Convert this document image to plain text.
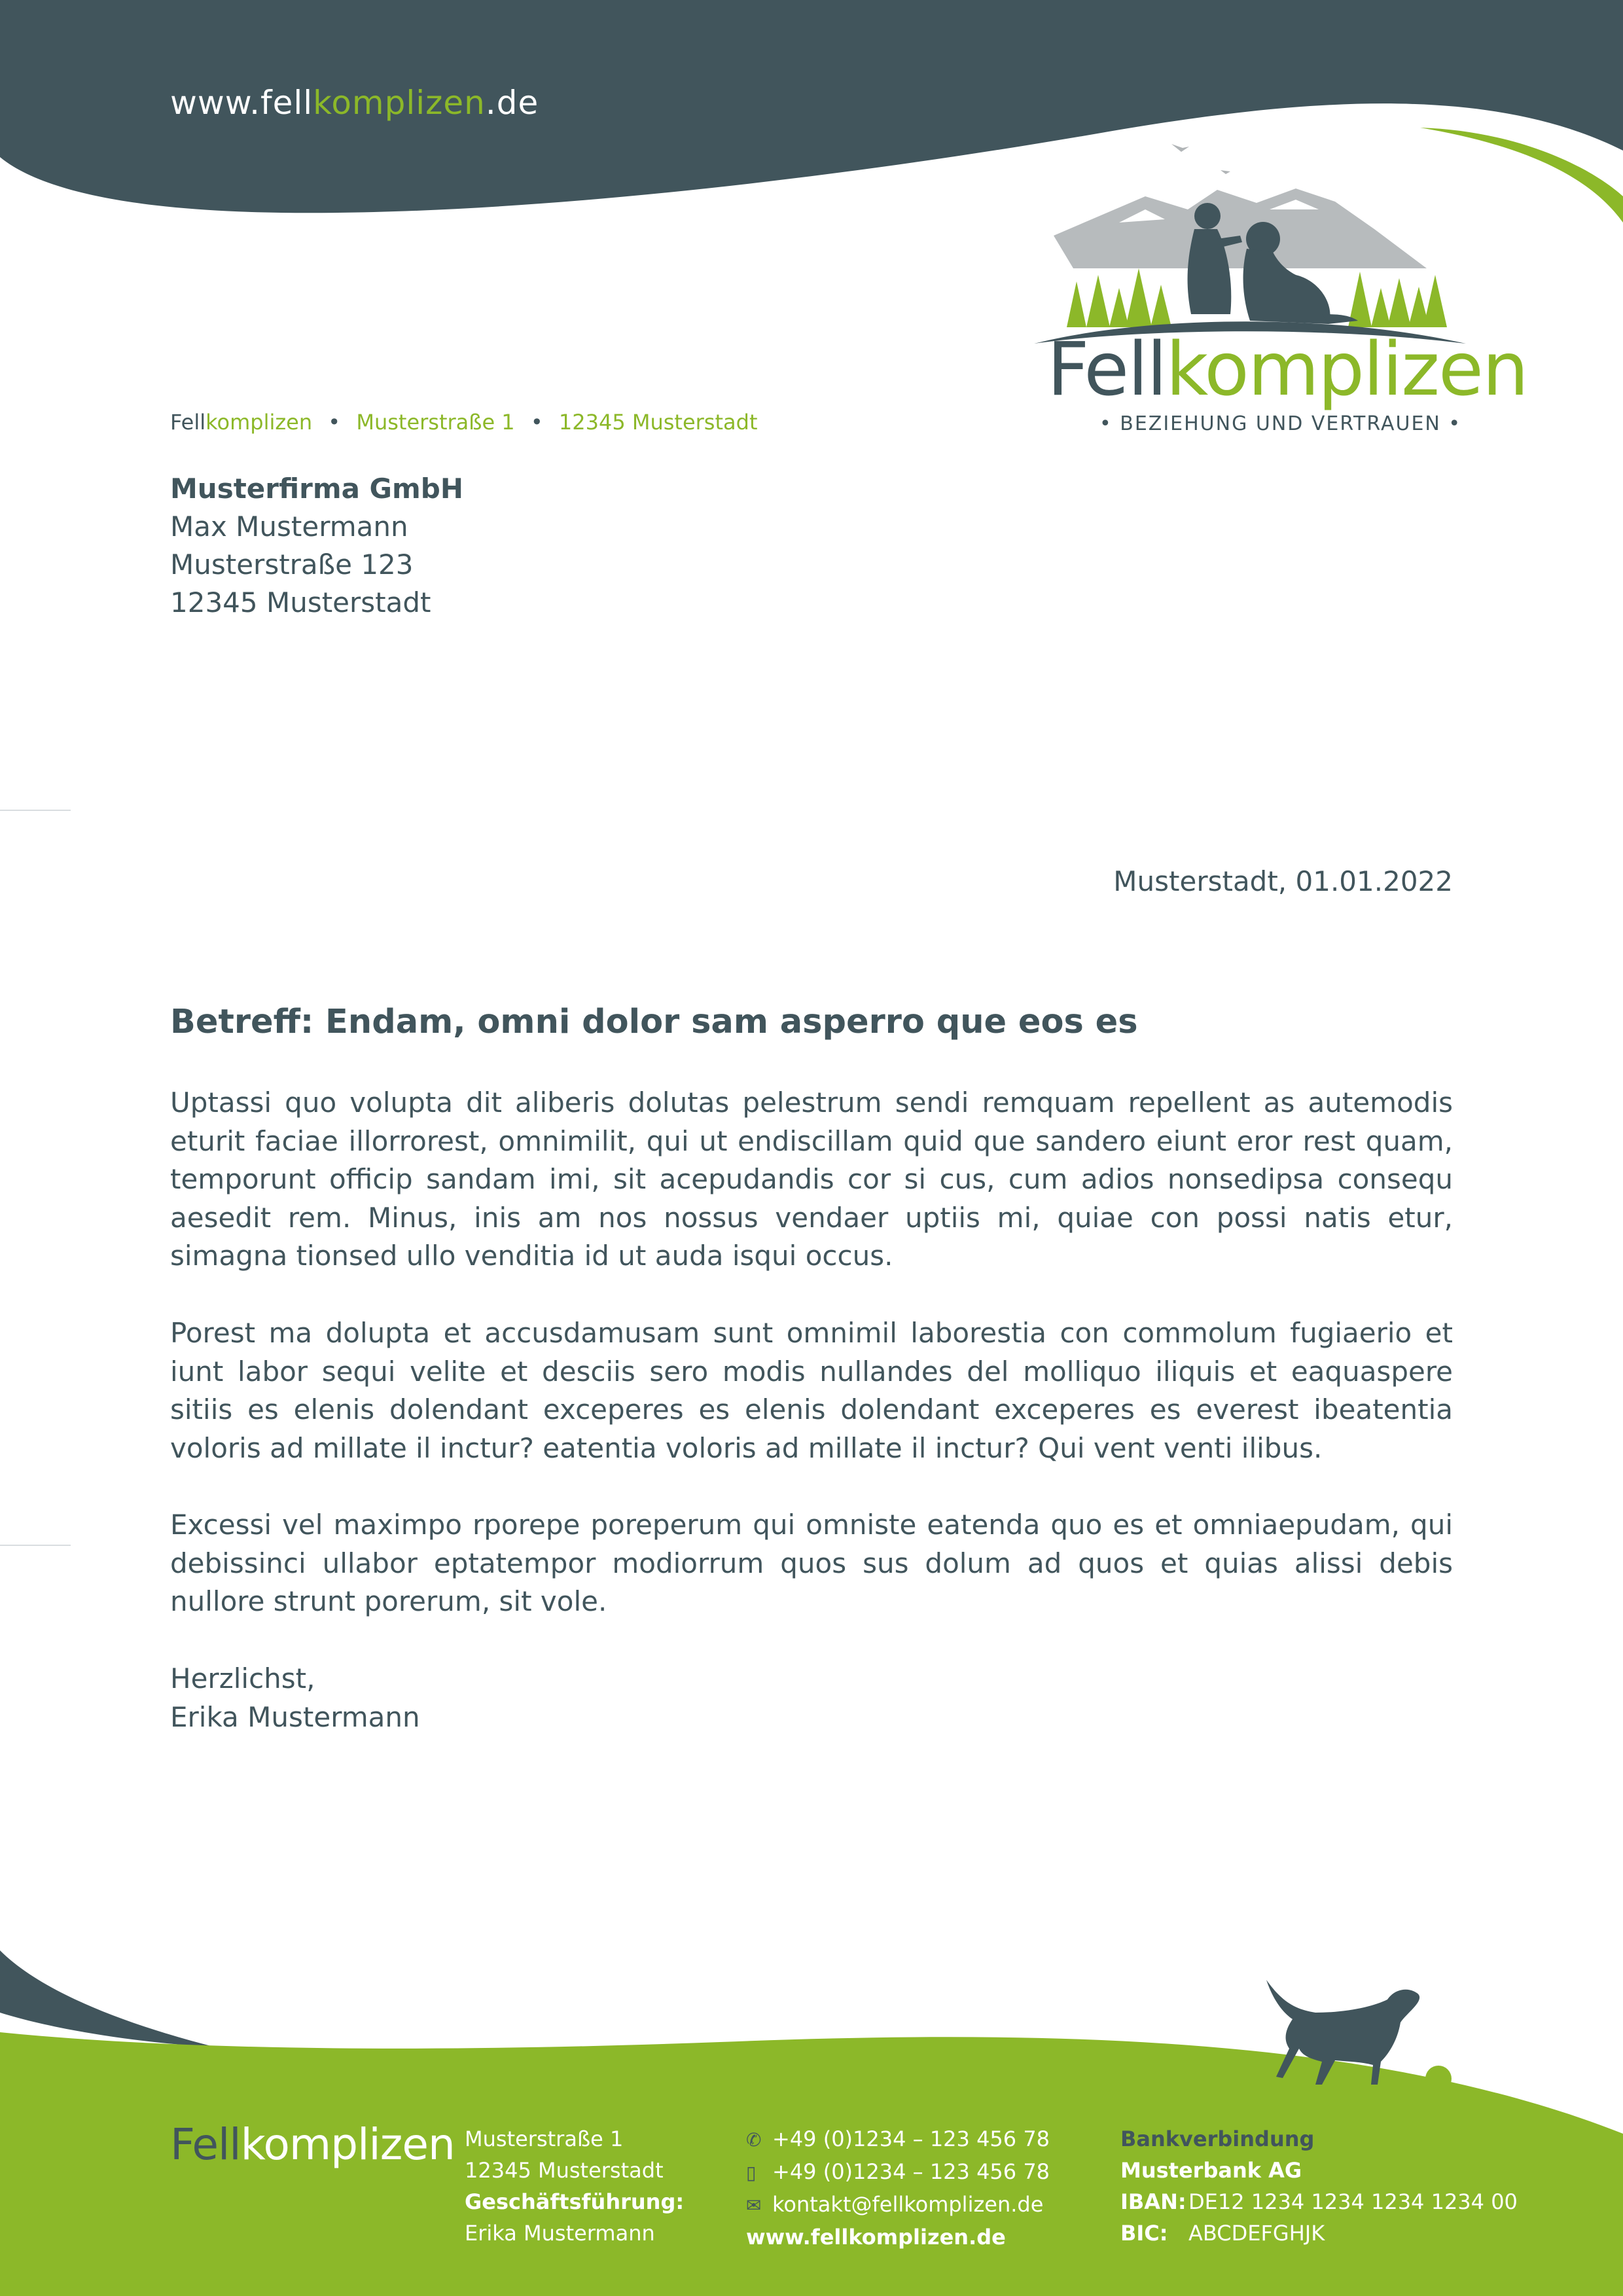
www.fellkomplizen.de
Fellkomplizen
• BEZIEHUNG UND VERTRAUEN •
Fellkomplizen • Musterstraße 1 • 12345 Musterstadt
Musterfirma GmbH
Max Mustermann
Musterstraße 123
12345 Musterstadt
Musterstadt, 01.01.2022
Betreff: Endam, omni dolor sam asperro que eos es
Uptassi quo volupta dit aliberis dolutas pelestrum sendi remquam repellent as autemodis eturit faciae illorrorest, omnimilit, qui ut endiscillam quid que sandero eiunt eror rest quam, temporunt officip sandam imi, sit acepudandis cor si cus, cum adios nonsedipsa consequ aesedit rem. Minus, inis am nos nossus vendaer uptiis mi, quiae con possi natis etur, simagna tionsed ullo venditia id ut auda isqui occus.
Porest ma dolupta et accusdamusam sunt omnimil laborestia con commolum fugiaerio et iunt labor sequi velite et desciis sero modis nullandes del molliquo iliquis et eaquaspere sitiis es elenis dolendant exceperes es elenis dolendant exceperes es everest ibeatentia voloris ad millate il inctur? eatentia voloris ad millate il inctur? Qui vent venti ilibus.
Excessi vel maximpo rporepe poreperum qui omniste eatenda quo es et omniaepudam, qui debissinci ullabor eptatempor modiorrum quos sus dolum ad quos et quias alissi debis nullore strunt porerum, sit vole.
Herzlichst,
Erika Mustermann
Fellkomplizen Musterstraße 1
12345 Musterstadt
Geschäftsführung:
Erika Mustermann
✆ +49 (0)1234 – 123 456 78
▯ +49 (0)1234 – 123 456 78
✉ kontakt@fellkomplizen.de
www.fellkomplizen.de
Bankverbindung
Musterbank AG
IBAN: DE12 1234 1234 1234 1234 00
BIC: ABCDEFGHJK
